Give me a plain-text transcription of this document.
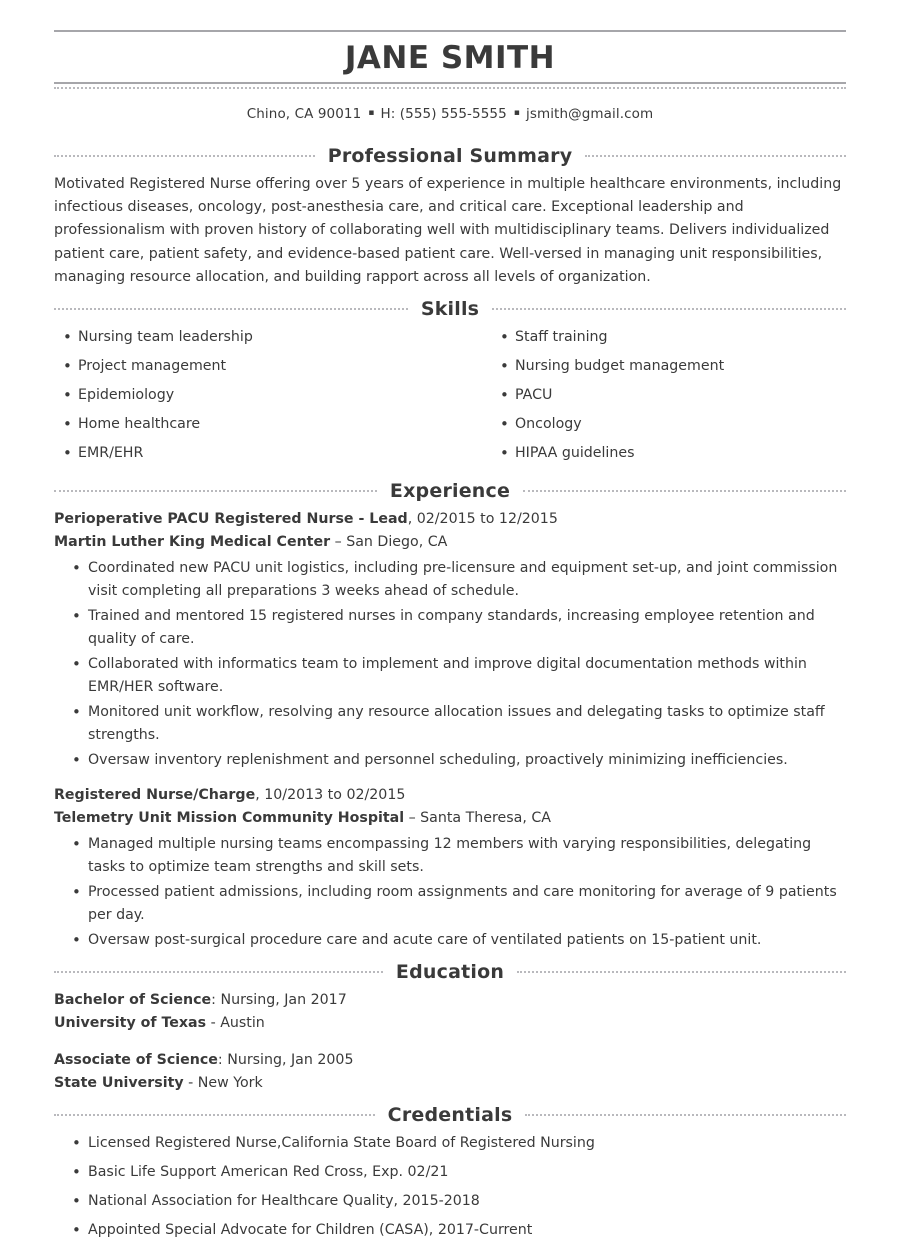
JANE SMITH
Chino, CA 90011 ▪ H: (555) 555-5555 ▪ jsmith@gmail.com
Professional Summary

Motivated Registered Nurse offering over 5 years of experience in multiple healthcare environments, including infectious diseases, oncology, post-anesthesia care, and critical care. Exceptional leadership and professionalism with proven history of collaborating well with multidisciplinary teams. Delivers individualized patient care, patient safety, and evidence-based patient care. Well-versed in managing unit responsibilities, managing resource allocation, and building rapport across all levels of organization.

Skills
• Nursing team leadership
• Project management
• Epidemiology
• Home healthcare
• EMR/EHR
• Staff training
• Nursing budget management
• PACU
• Oncology
• HIPAA guidelines
Experience
Perioperative PACU Registered Nurse - Lead, 02/2015 to 12/2015
Martin Luther King Medical Center – San Diego, CA
• Coordinated new PACU unit logistics, including pre-licensure and equipment set-up, and joint commission visit completing all preparations 3 weeks ahead of schedule.
• Trained and mentored 15 registered nurses in company standards, increasing employee retention and quality of care.
• Collaborated with informatics team to implement and improve digital documentation methods within EMR/HER software.
• Monitored unit workflow, resolving any resource allocation issues and delegating tasks to optimize staff strengths.
• Oversaw inventory replenishment and personnel scheduling, proactively minimizing inefficiencies.
Registered Nurse/Charge, 10/2013 to 02/2015
Telemetry Unit Mission Community Hospital – Santa Theresa, CA
• Managed multiple nursing teams encompassing 12 members with varying responsibilities, delegating tasks to optimize team strengths and skill sets.
• Processed patient admissions, including room assignments and care monitoring for average of 9 patients per day.
• Oversaw post-surgical procedure care and acute care of ventilated patients on 15-patient unit.
Education
Bachelor of Science: Nursing, Jan 2017
University of Texas - Austin
Associate of Science: Nursing, Jan 2005
State University - New York
Credentials
• Licensed Registered Nurse,California State Board of Registered Nursing
• Basic Life Support American Red Cross, Exp. 02/21
• National Association for Healthcare Quality, 2015-2018
• Appointed Special Advocate for Children (CASA), 2017-Current
